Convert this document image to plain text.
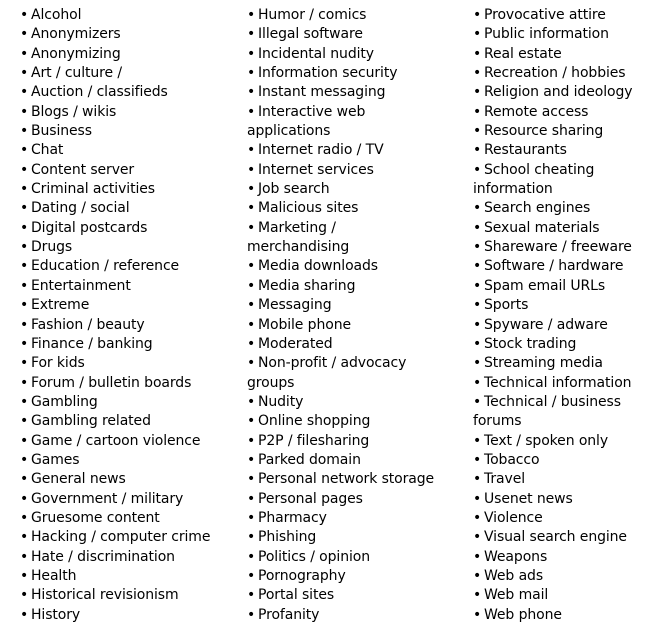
• Alcohol
• Anonymizers
• Anonymizing
• Art / culture /
• Auction / classifieds
• Blogs / wikis
• Business
• Chat
• Content server
• Criminal activities
• Dating / social
• Digital postcards
• Drugs
• Education / reference
• Entertainment
• Extreme
• Fashion / beauty
• Finance / banking
• For kids
• Forum / bulletin boards
• Gambling
• Gambling related
• Game / cartoon violence
• Games
• General news
• Government / military
• Gruesome content
• Hacking / computer crime
• Hate / discrimination
• Health
• Historical revisionism
• History
• Humor / comics
• Illegal software
• Incidental nudity
• Information security
• Instant messaging
• Interactive web applications
• Internet radio / TV
• Internet services
• Job search
• Malicious sites
• Marketing / merchandising
• Media downloads
• Media sharing
• Messaging
• Mobile phone
• Moderated
• Non-profit / advocacy groups
• Nudity
• Online shopping
• P2P / filesharing
• Parked domain
• Personal network storage
• Personal pages
• Pharmacy
• Phishing
• Politics / opinion
• Pornography
• Portal sites
• Profanity
• Provocative attire
• Public information
• Real estate
• Recreation / hobbies
• Religion and ideology
• Remote access
• Resource sharing
• Restaurants
• School cheating information
• Search engines
• Sexual materials
• Shareware / freeware
• Software / hardware
• Spam email URLs
• Sports
• Spyware / adware
• Stock trading
• Streaming media
• Technical information
• Technical / business forums
• Text / spoken only
• Tobacco
• Travel
• Usenet news
• Violence
• Visual search engine
• Weapons
• Web ads
• Web mail
• Web phone
